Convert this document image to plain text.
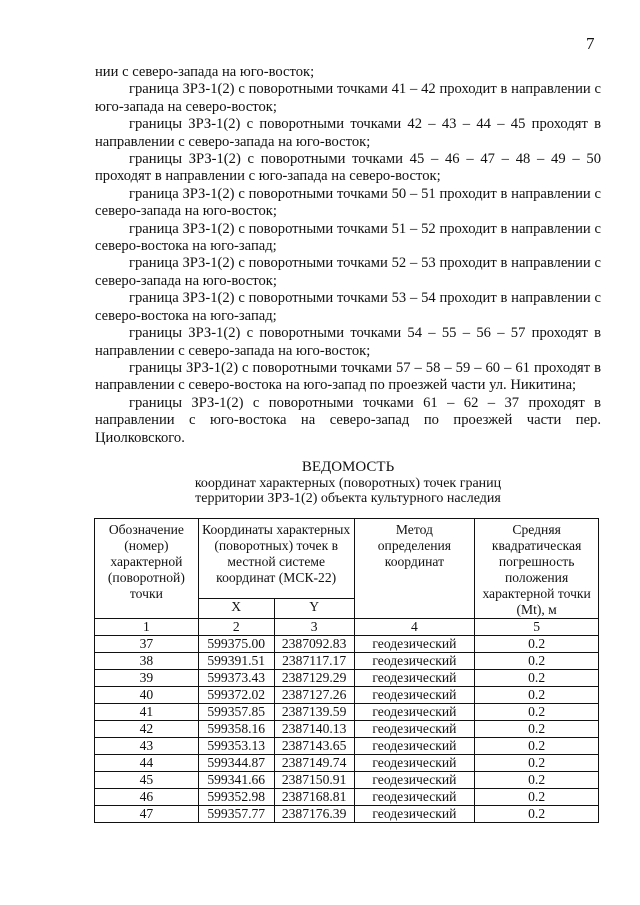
7

нии с северо-запада на юго-восток;

граница ЗРЗ-1(2) с поворотными точками 41 – 42 проходит в направлении с юго-запада на северо-восток;

границы ЗРЗ-1(2) с поворотными точками 42 – 43 – 44 – 45 проходят в направлении с северо-запада на юго-восток;

границы ЗРЗ-1(2) с поворотными точками 45 – 46 – 47 – 48 – 49 – 50 проходят в направлении с юго-запада на северо-восток;

граница ЗРЗ-1(2) с поворотными точками 50 – 51 проходит в направлении с северо-запада на юго-восток;

граница ЗРЗ-1(2) с поворотными точками 51 – 52 проходит в направлении с северо-востока на юго-запад;

граница ЗРЗ-1(2) с поворотными точками 52 – 53 проходит в направлении с северо-запада на юго-восток;

граница ЗРЗ-1(2) с поворотными точками 53 – 54 проходит в направлении с северо-востока на юго-запад;

границы ЗРЗ-1(2) с поворотными точками 54 – 55 – 56 – 57 проходят в направлении с северо-запада на юго-восток;

границы ЗРЗ-1(2) с поворотными точками 57 – 58 – 59 – 60 – 61 проходят в направлении с северо-востока на юго-запад по проезжей части ул. Никитина;

границы ЗРЗ-1(2) с поворотными точками 61 – 62 – 37 проходят в направлении с юго-востока на северо-запад по проезжей части пер. Циолковского.

ВЕДОМОСТЬ
координат характерных (поворотных) точек границ
территории ЗРЗ-1(2) объекта культурного наследия
Обозначение (номер) характерной (поворотной) точки	Координаты характерных (поворотных) точек в местной системе координат (МСК-22)		Метод определения координат	Средняя квадратическая погрешность положения характерной точки (Mt), м

	X	Y		
1	2	3	4	5
37	599375.00	2387092.83	геодезический	0.2
38	599391.51	2387117.17	геодезический	0.2
39	599373.43	2387129.29	геодезический	0.2
40	599372.02	2387127.26	геодезический	0.2
41	599357.85	2387139.59	геодезический	0.2
42	599358.16	2387140.13	геодезический	0.2
43	599353.13	2387143.65	геодезический	0.2
44	599344.87	2387149.74	геодезический	0.2
45	599341.66	2387150.91	геодезический	0.2
46	599352.98	2387168.81	геодезический	0.2
47	599357.77	2387176.39	геодезический	0.2
